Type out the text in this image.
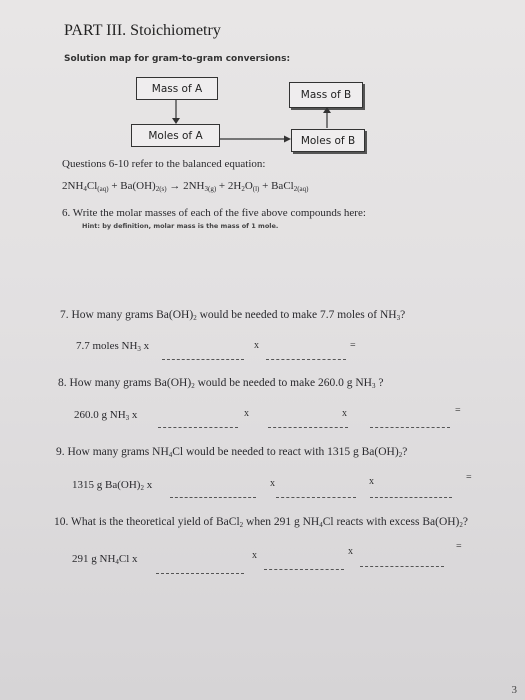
PART III. Stoichiometry
Solution map for gram-to-gram conversions:
Mass of A
Mass of B
Moles of A	Moles of B
Questions 6-10 refer to the balanced equation:
$2NH_4Cl_{(aq)} + Ba(OH)_{2(s)} \to 2NH_{3(g)} + 2H_2O_{(l)}$ + BaCl$_{2(aq)}$
6. Write the molar masses of each of the five above compounds here:
Hint: by definition, molar mass is the mass of 1 mole.
7. How many grams $Ba(OH)_2$ would be needed to make 7.7 moles of $NH_3$?
7.7 moles $NH_3$ x	x	=
8. How many grams $Ba(OH)_2$ would be needed to make 260.0 g $NH_3$ ?
260.0 g $NH_3$ x	x	x	=
9. How many grams $NH_4Cl$ would be needed to react with 1315 g $Ba(OH)_2$?
1315 g $Ba(OH)_2$ x	x	x	=
10. What is the theoretical yield of BaCl$_2$ when 291 g $NH_4Cl$ reacts with excess $Ba(OH)_2$?
291 g $NH_4Cl$ x	x	x	=
3
